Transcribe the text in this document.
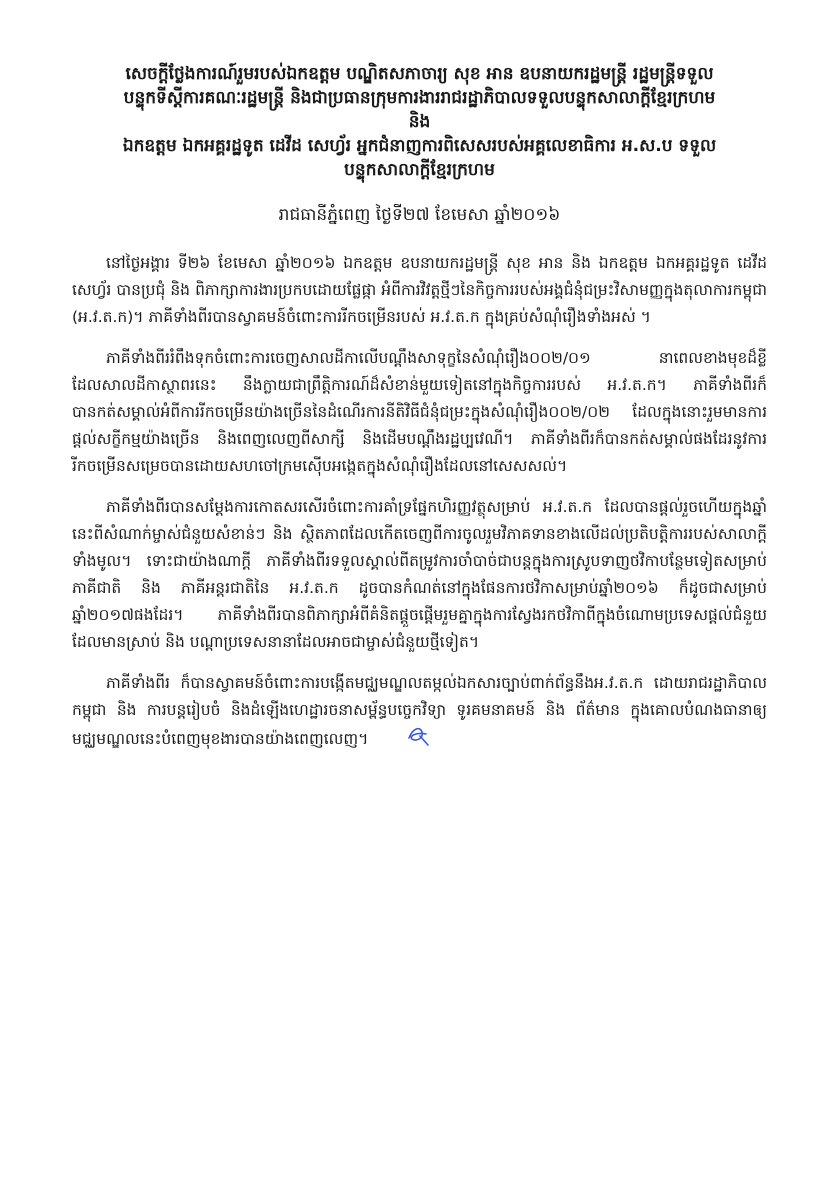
សេចក្តីថ្លែងការណ៍រួមរបស់ឯកឧត្តម បណ្ឌិតសភាចារ្យ សុខ អាន ឧបនាយករដ្ឋមន្ត្រី រដ្ឋមន្ត្រីទទួល
បន្ទុកទីស្តីការគណៈរដ្ឋមន្ត្រី និងជាប្រធានក្រុមការងាររាជរដ្ឋាភិបាលទទួលបន្ទុកសាលាក្តីខ្មែរក្រហម
និង
ឯកឧត្តម ឯកអគ្គរដ្ឋទូត ដេវីដ សេហ្វ័រ អ្នកជំនាញការពិសេសរបស់អគ្គលេខាធិការ អ.ស.ប ទទួល
បន្ទុកសាលាក្តីខ្មែរក្រហម
រាជធានីភ្នំពេញ ថ្ងៃទី២៧ ខែមេសា ឆ្នាំ២០១៦

នៅថ្ងៃអង្គារ ទី២៦ ខែមេសា ឆ្នាំ២០១៦ ឯកឧត្តម ឧបនាយករដ្ឋមន្ត្រី សុខ អាន និង ឯកឧត្តម ឯកអគ្គរដ្ឋទូត ដេវីដ សេហ្វ័រ បានប្រជុំ និង ពិភាក្សាការងារប្រកបដោយផ្លែផ្កា អំពីការវិវត្តថ្មីៗនៃកិច្ចការរបស់អង្គជំនុំជម្រះវិសាមញ្ញក្នុងតុលាការកម្ពុជា (អ.វ.ត.ក)។ ភាគីទាំងពីរបានស្វាគមន៍ចំពោះការរីកចម្រើនរបស់ អ.វ.ត.ក ក្នុងគ្រប់សំណុំរឿងទាំងអស់ ។

ភាគីទាំងពីររំពឹងទុកចំពោះការចេញសាលដីកាលើបណ្តឹងសាទុក្ខនៃសំណុំរឿង០០២/០១ នាពេលខាងមុខដ៏ខ្លី ដែលសាលដីកាស្ថាពរនេះ នឹងក្លាយជាព្រឹត្តិការណ៍ដ៏សំខាន់មួយទៀតនៅក្នុងកិច្ចការរបស់ អ.វ.ត.ក។ ភាគីទាំងពីរក៏បានកត់សម្គាល់អំពីការរីកចម្រើនយ៉ាងច្រើននៃដំណើរការនីតិវិធីជំនុំជម្រះក្នុងសំណុំរឿង០០២/០២ ដែលក្នុងនោះរួមមានការផ្តល់សក្ខីកម្មយ៉ាងច្រើន និងពេញលេញពីសាក្សី និងដើមបណ្តឹងរដ្ឋប្បវេណី។ ភាគីទាំងពីរក៏បានកត់សម្គាល់ផងដែរនូវការរីកចម្រើនសម្រេចបានដោយសហចៅក្រមស៊ើបអង្កេតក្នុងសំណុំរឿងដែលនៅសេសសល់។

ភាគីទាំងពីរបានសម្តែងការកោតសរសើរចំពោះការគាំទ្រផ្នែកហិរញ្ញវត្ថុសម្រាប់ អ.វ.ត.ក ដែលបានផ្តល់រួចហើយក្នុងឆ្នាំនេះពីសំណាក់ម្ចាស់ជំនួយសំខាន់ៗ និង ស្ថិតភាពដែលកើតចេញពីការចូលរួមវិភាគទានខាងលើដល់ប្រតិបត្តិការរបស់សាលាក្តីទាំងមូល។ ទោះជាយ៉ាងណាក្តី ភាគីទាំងពីរទទួលស្គាល់ពីតម្រូវការចាំបាច់ជាបន្តក្នុងការស្រូបទាញថវិកាបន្ថែមទៀតសម្រាប់ភាគីជាតិ និង ភាគីអន្តរជាតិនៃ អ.វ.ត.ក ដូចបានកំណត់នៅក្នុងផែនការថវិកាសម្រាប់ឆ្នាំ២០១៦ ក៏ដូចជាសម្រាប់ឆ្នាំ២០១៧ផងដែរ។ ភាគីទាំងពីរបានពិភាក្សាអំពីគំនិតផ្តួចផ្តើមរួមគ្នាក្នុងការស្វែងរកថវិកាពីក្នុងចំណោមប្រទេសផ្តល់ជំនួយដែលមានស្រាប់ និង បណ្តាប្រទេសនានាដែលអាចជាម្ចាស់ជំនួយថ្មីទៀត។

ភាគីទាំងពីរ ក៏បានស្វាគមន៍ចំពោះការបង្កើតមជ្ឈមណ្ឌលតម្កល់ឯកសារច្បាប់ពាក់ព័ន្ធនឹងអ.វ.ត.ក ដោយរាជរដ្ឋាភិបាលកម្ពុជា និង ការបន្តរៀបចំ និងដំឡើងហេដ្ឋារចនាសម្ព័ន្ធបច្ចេកវិទ្យា ទូរគមនាគមន៍ និង ព័ត៌មាន ក្នុងគោលបំណងធានាឲ្យមជ្ឈមណ្ឌលនេះបំពេញមុខងារបានយ៉ាងពេញលេញ។
